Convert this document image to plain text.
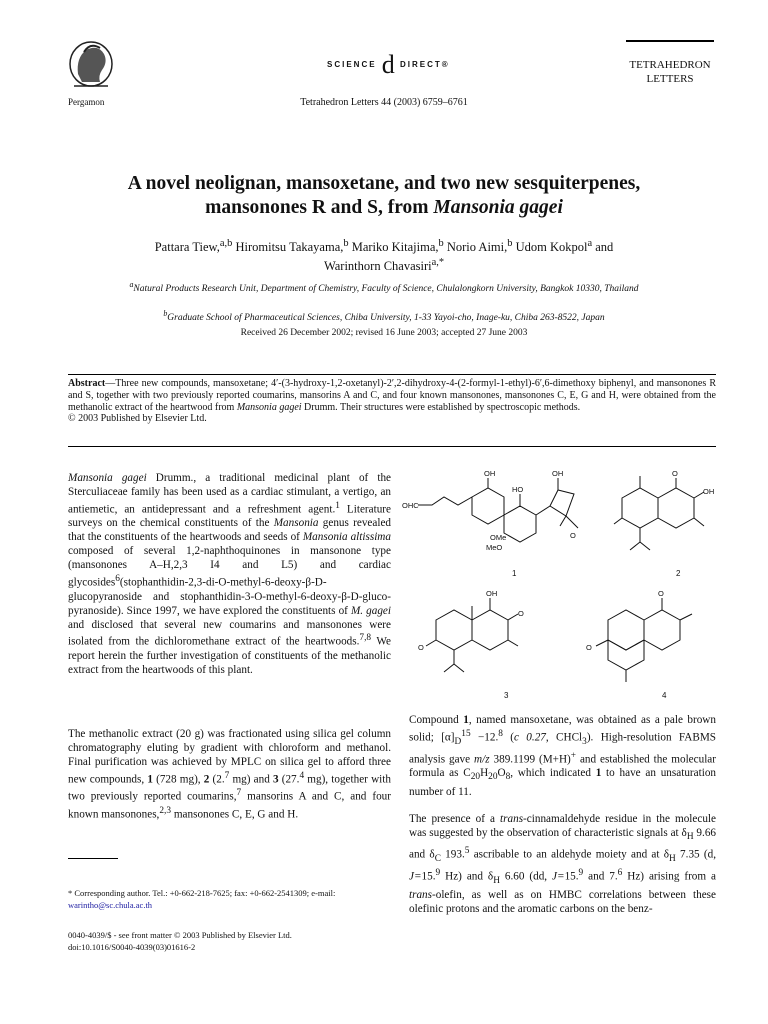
Pergamon
SCIENCE d DIRECT®
Tetrahedron Letters 44 (2003) 6759–6761
TETRAHEDRON
LETTERS
A novel neolignan, mansoxetane, and two new sesquiterpenes,
mansonones R and S, from Mansonia gagei
Pattara Tiew,$^{a,b}$ Hiromitsu Takayama,$^b$ Mariko Kitajima,$^b$ Norio Aimi,$^b$ Udom Kokpol$^a$ and
Warinthorn Chavasiri$^{a,*}$
$^a$Natural Products Research Unit, Department of Chemistry, Faculty of Science, Chulalongkorn University, Bangkok 10330, Thailand
$^b$Graduate School of Pharmaceutical Sciences, Chiba University, 1-33 Yayoi-cho, Inage-ku, Chiba 263-8522, Japan
Received 26 December 2002; revised 16 June 2003; accepted 27 June 2003
Abstract—Three new compounds, mansoxetane; 4′-(3-hydroxy-1,2-oxetanyl)-2′,2-dihydroxy-4-(2-formyl-1-ethyl)-6′,6-dimethoxy biphenyl, and mansonones R and S, together with two previously reported coumarins, mansorins A and C, and four known mansonones, mansonones C, E, G and H, were obtained from the methanolic extract of the heartwood from Mansonia gagei Drumm. Their structures were established by spectroscopic methods.
© 2003 Published by Elsevier Ltd.
Mansonia gagei Drumm., a traditional medicinal plant of the Sterculiaceae family has been used as a cardiac stimulant, a vertigo, an antiemetic, an antidepressant and a refreshment agent.$^1$ Literature surveys on the chemical constituents of the Mansonia genus revealed that the constituents of the heartwoods and seeds of Mansonia altissima composed of several 1,2-naphthoquinones in mansonone type (mansonones A–H,2,3 I4 and L5) and cardiac glycosides$^6$(stophanthidin-2,3-di-O-methyl-6-deoxy-β-D-glucopyranoside and stophanthidin-3-O-methyl-6-deoxy-β-D-gluco-pyranoside). Since 1997, we have explored the constituents of M. gagei and disclosed that several new coumarins and mansonones were isolated from the dichloromethane extract of the heartwoods.$^{7,8}$ We report herein the further investigation of constituents of the methanolic extract from the heartwoods of this plant.
The methanolic extract (20 g) was fractionated using silica gel column chromatography eluting by gradient with chloroform and methanol. Final purification was achieved by MPLC on silica gel to afford three new compounds, 1 (728 mg), 2 (2.$^7$ mg) and 3 (27.$^4$ mg), together with two previously reported coumarins,$^7$ mansorins A and C, and four known mansonones,$^{2,3}$ mansonones C, E, G and H.
Compound 1, named mansoxetane, was obtained as a pale brown solid; $[\alpha]_D^{15} -12.^8$ (c 0.27, CHCl$_3$). High-resolution FABMS analysis gave m/z 389.1199 (M+H)+ and established the molecular formula as $C_{20}H_{20}O_8$, which indicated 1 to have an unsaturation number of 11.
The presence of a trans-cinnamaldehyde residue in the molecule was suggested by the observation of characteristic signals at $\delta_H$ 9.66 and $\delta_C$ 193.$^5$ ascribable to an aldehyde moiety and at $\delta_H$ 7.35 (d, J=15.$^9$ Hz) and $\delta_H$ 6.60 (dd, J=15.$^9$ and 7.$^6$ Hz) arising from a trans-olefin, as well as on HMBC correlations between these olefinic protons and the aromatic carbons on the benz-
OHC
OH
HO
OH
OMe
MeO
O
1
O
OH
2
O
OH
O
3
O
O
4
* Corresponding author. Tel.: +0-662-218-7625; fax: +0-662-2541309; e-mail: warintho@sc.chula.ac.th
0040-4039/$ - see front matter © 2003 Published by Elsevier Ltd.
doi:10.1016/S0040-4039(03)01616-2
